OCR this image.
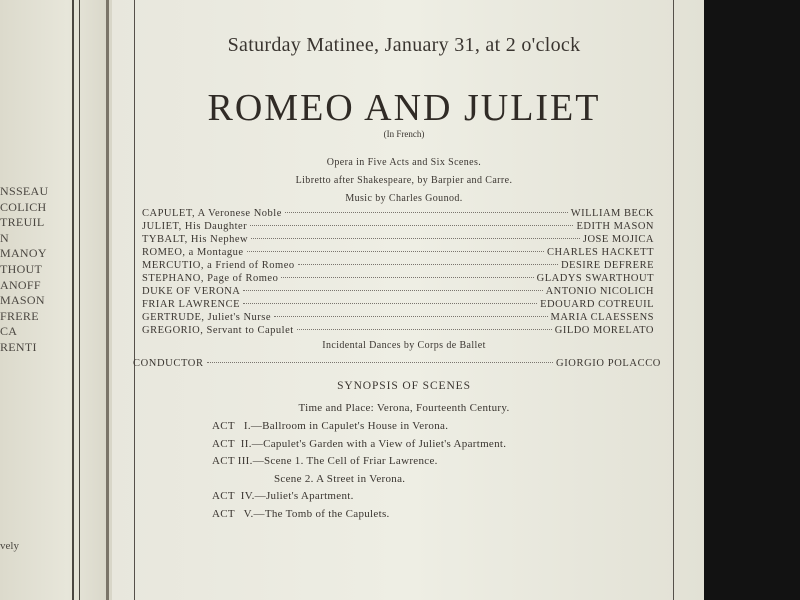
NSSEAU
COLICH
TREUIL
N
MANOY
THOUT
ANOFF
MASON
FRERE
CA
RENTI
vely
Saturday Matinee, January 31, at 2 o'clock
ROMEO AND JULIET
(In French)
Opera in Five Acts and Six Scenes.
Libretto after Shakespeare, by Barpier and Carre.
Music by Charles Gounod.
CAPULET, A Veronese Noble	WILLIAM BECK
JULIET, His Daughter	EDITH MASON
TYBALT, His Nephew	JOSE MOJICA
ROMEO, a Montague	CHARLES HACKETT
MERCUTIO, a Friend of Romeo	DESIRE DEFRERE
STEPHANO, Page of Romeo	GLADYS SWARTHOUT
DUKE OF VERONA	ANTONIO NICOLICH
FRIAR LAWRENCE	EDOUARD COTREUIL
GERTRUDE, Juliet's Nurse	MARIA CLAESSENS
GREGORIO, Servant to Capulet	GILDO MORELATO
Incidental Dances by Corps de Ballet
CONDUCTOR	GIORGIO POLACCO
SYNOPSIS OF SCENES
Time and Place: Verona, Fourteenth Century.
ACT   I.—Ballroom in Capulet's House in Verona.
ACT  II.—Capulet's Garden with a View of Juliet's Apartment.
ACT III.—Scene 1. The Cell of Friar Lawrence.
Scene 2. A Street in Verona.
ACT  IV.—Juliet's Apartment.
ACT   V.—The Tomb of the Capulets.
